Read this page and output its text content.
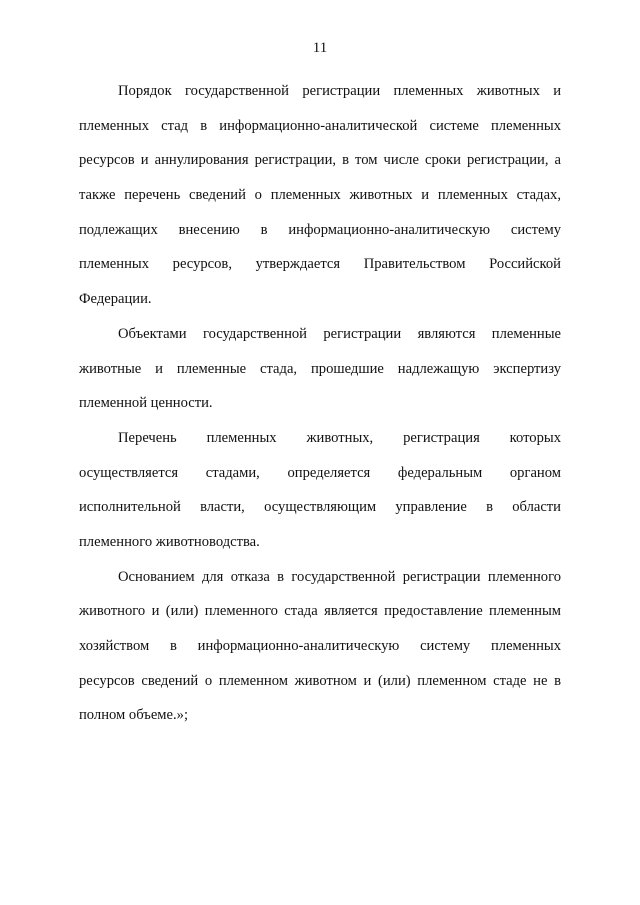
11
Порядок государственной регистрации племенных животных и
племенных стад в информационно-аналитической системе племенных
ресурсов и аннулирования регистрации, в том числе сроки регистрации, а
также перечень сведений о племенных животных и племенных стадах,
подлежащих внесению в информационно-аналитическую систему
племенных ресурсов, утверждается Правительством Российской
Федерации.
Объектами государственной регистрации являются племенные
животные и племенные стада, прошедшие надлежащую экспертизу
племенной ценности.
Перечень племенных животных, регистрация которых
осуществляется стадами, определяется федеральным органом
исполнительной власти, осуществляющим управление в области
племенного животноводства.
Основанием для отказа в государственной регистрации племенного
животного и (или) племенного стада является предоставление племенным
хозяйством в информационно-аналитическую систему племенных
ресурсов сведений о племенном животном и (или) племенном стаде не в
полном объеме.»;
